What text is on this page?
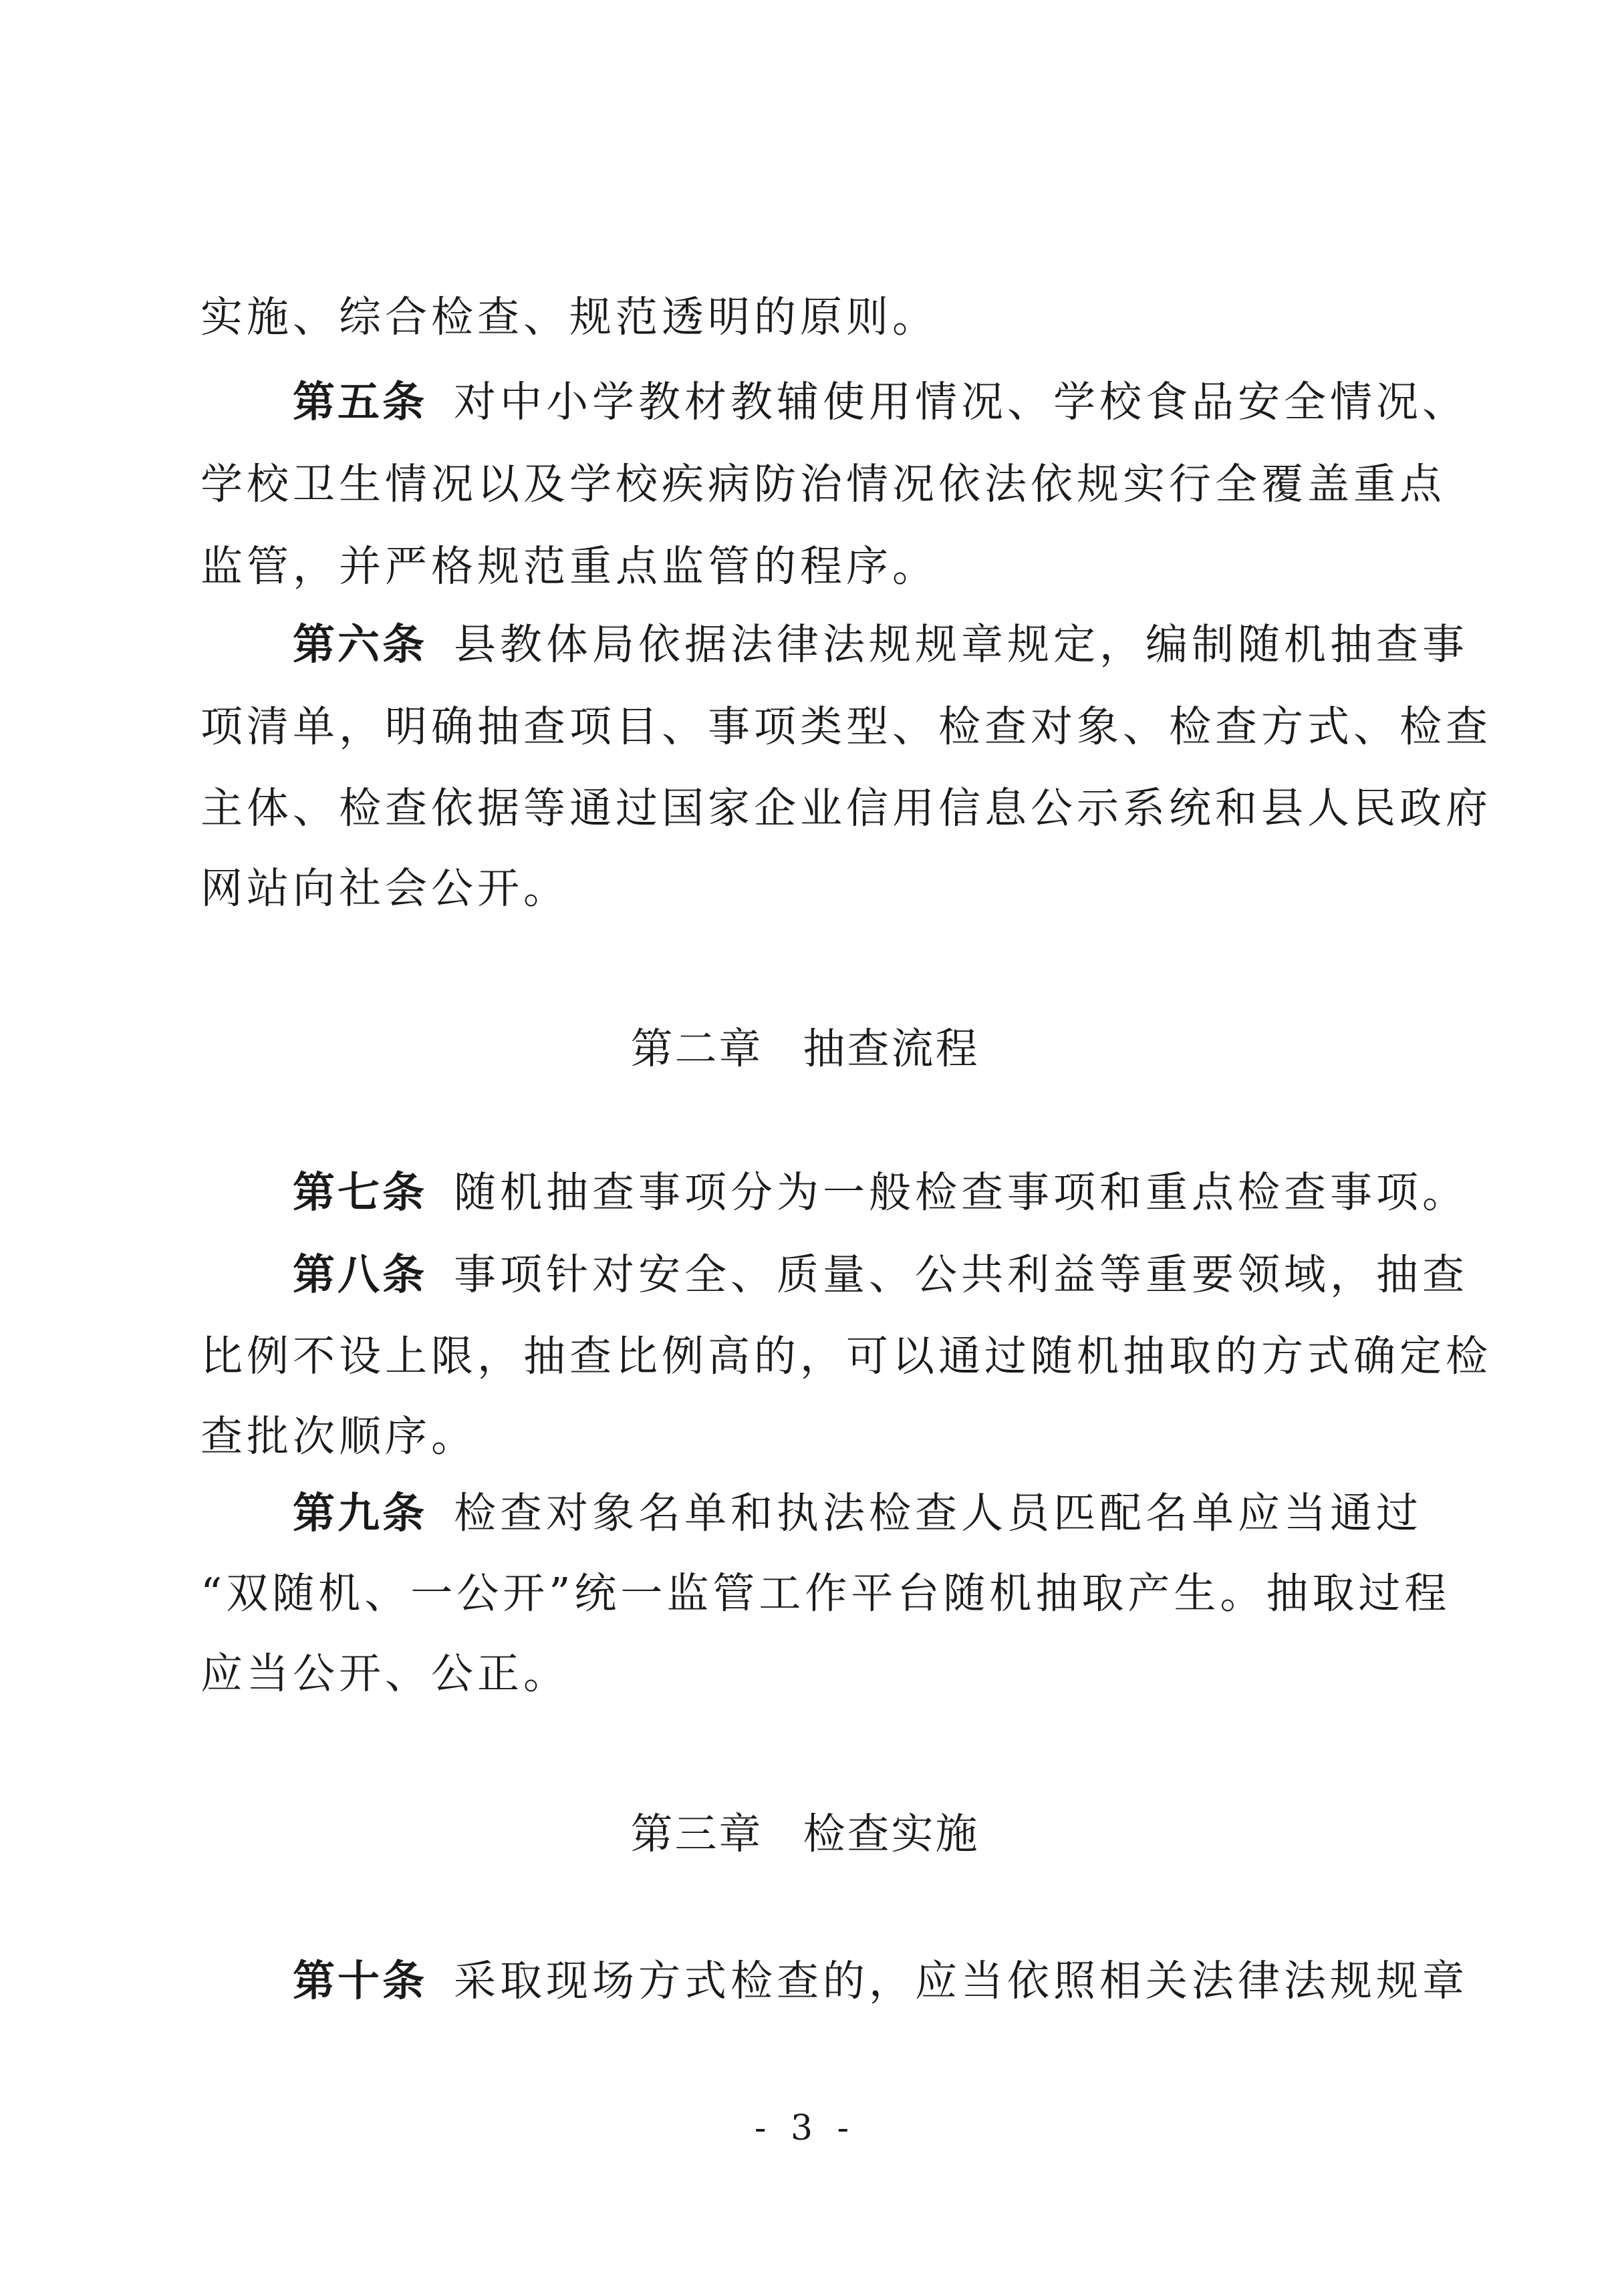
实施、综合检查、规范透明的原则。
第五条 对中小学教材教辅使用情况、学校食品安全情况、
学校卫生情况以及学校疾病防治情况依法依规实行全覆盖重点
监管，并严格规范重点监管的程序。
第六条 县教体局依据法律法规规章规定，编制随机抽查事
项清单，明确抽查项目、事项类型、检查对象、检查方式、检查
主体、检查依据等通过国家企业信用信息公示系统和县人民政府
网站向社会公开。
第二章 抽查流程
第七条 随机抽查事项分为一般检查事项和重点检查事项。
第八条 事项针对安全、质量、公共利益等重要领域，抽查
比例不设上限，抽查比例高的，可以通过随机抽取的方式确定检
查批次顺序。
第九条 检查对象名单和执法检查人员匹配名单应当通过
“双随机、一公开”统一监管工作平台随机抽取产生。抽取过程
应当公开、公正。
第三章 检查实施
第十条 采取现场方式检查的，应当依照相关法律法规规章
- 3 -
